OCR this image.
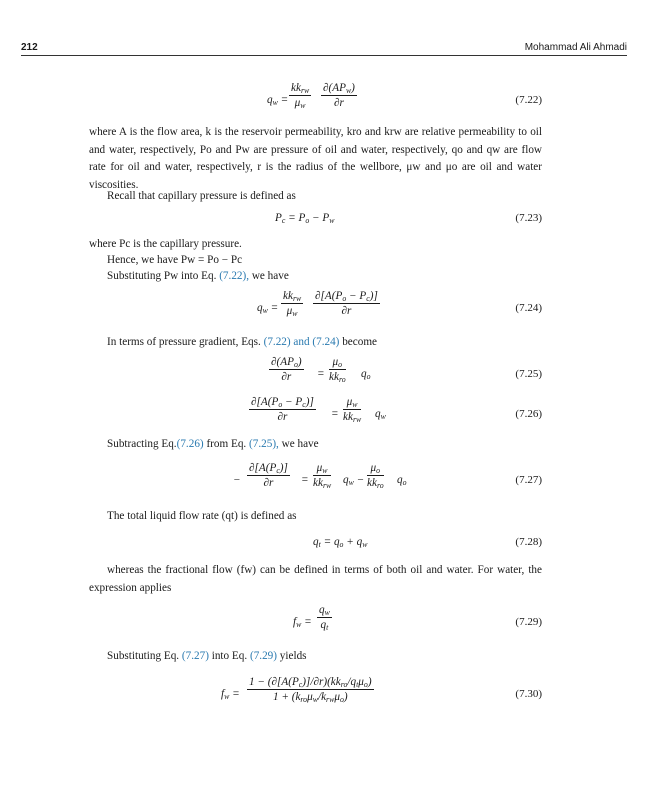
212	Mohammad Ali Ahmadi
$q_w$ =
$kk_{rw}$
$\mu_w$
$\partial(AP_w)$
∂r	(7.22)
where A is the flow area, k is the reservoir permeability, kro and krw are relative permeability to oil and water, respectively, Po and Pw are pressure of oil and water, respectively, qo and qw are flow rate for oil and water, respectively, r is the radius of the wellbore, μw and μo are oil and water viscosities.
Recall that capillary pressure is defined as
$P_c = P_o - P_w$	(7.23)
where Pc is the capillary pressure.
Hence, we have Pw = Po − Pc
Substituting Pw into Eq. (7.22), we have
$q_w$ =
$kk_{rw}$
$\mu_w$	$\frac{\partial[A(P_o - P_c)]}{\partial r}$	(7.24)
In terms of pressure gradient, Eqs. (7.22) and (7.24) become
$\partial(AP_o)$
∂r	=
$\mu_o$
$kk_{ro}$ $q_o$	(7.25)
$\frac{\partial[A(P_o - P_c)]}{\partial r}$ =
$\mu_w$
$kk_{rw}$ $q_w$	(7.26)
Subtracting Eq.(7.26) from Eq. (7.25), we have
− $\frac{\partial[A(P_c)]}{\partial r}$ =
$\mu_w$
$kk_{rw}$ $q_w$ −
$\mu_o$
$kk_{ro}$ $q_o$	(7.27)
The total liquid flow rate (qt) is defined as
$q_t = q_o + q_w$	(7.28)
whereas the fractional flow (fw) can be defined in terms of both oil and water. For water, the expression applies
$f_w = \frac{q_w}{q_t}$	(7.29)
Substituting Eq. (7.27) into Eq. (7.29) yields
$f_w$ =
$1 - (\partial[A(P_c)]/\partial r)(kk_{ro}/q_t\mu_o)$
$1 + (k_{ro}\mu_w/k_{rw}\mu_o)$	(7.30)
